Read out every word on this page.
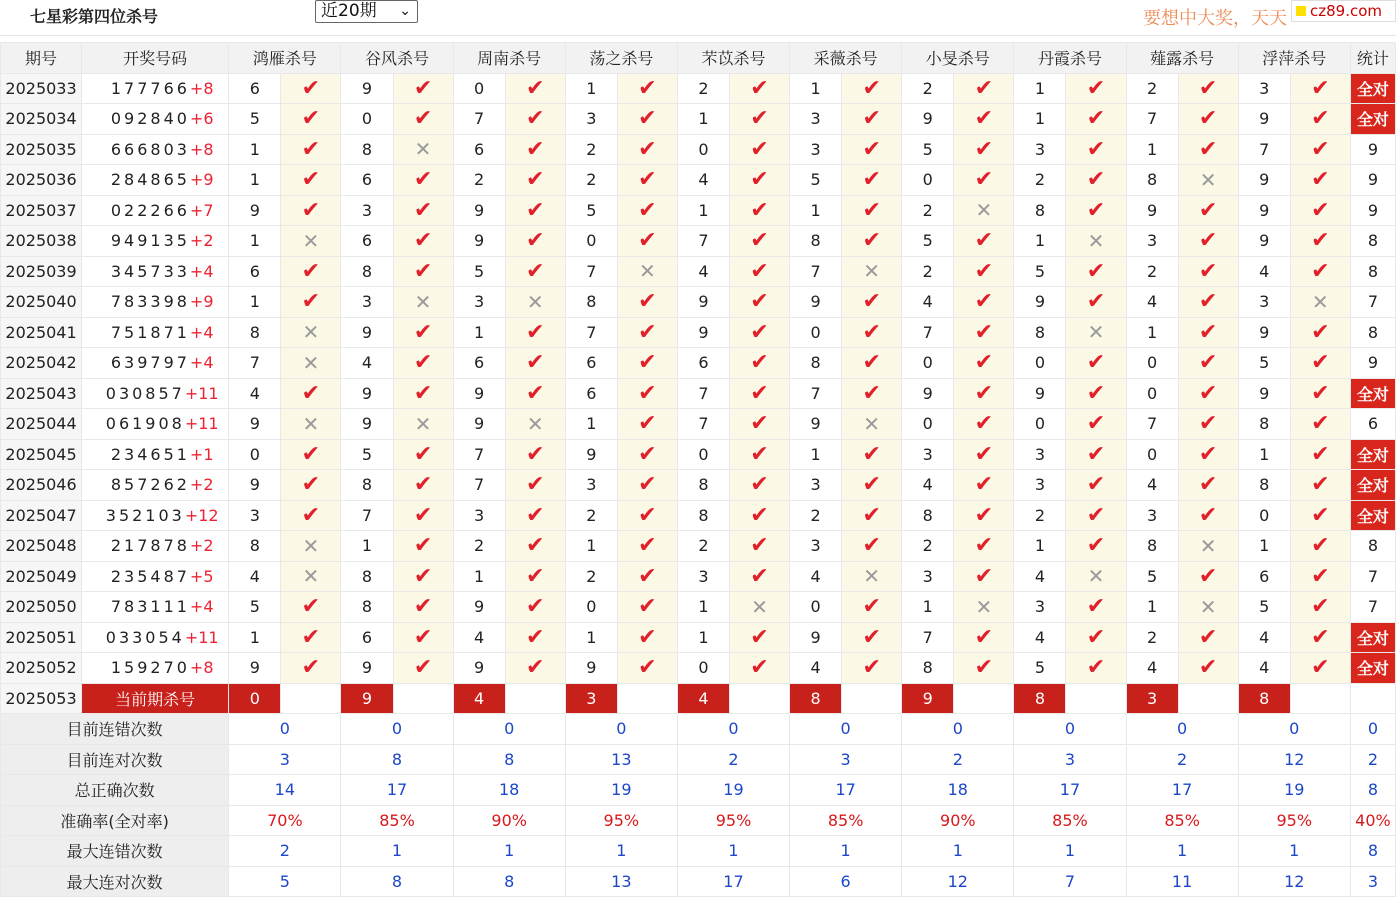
七星彩第四位杀号	近20期 ⌄	要想中大奖，天天	cz89.com
期号	开奖号码	鸿雁杀号		谷风杀号		周南杀号		荡之杀号		芣苡杀号		采薇杀号		小旻杀号		丹霞杀号		薤露杀号		浮萍杀号		统计
2025033	177766+8	6	✔	9	✔	0	✔	1	✔	2	✔	1	✔	2	✔	1	✔	2	✔	3	✔	全对
2025034	092840+6	5	✔	0	✔	7	✔	3	✔	1	✔	3	✔	9	✔	1	✔	7	✔	9	✔	全对
2025035	666803+8	1	✔	8	✕	6	✔	2	✔	0	✔	3	✔	5	✔	3	✔	1	✔	7	✔	9
2025036	284865+9	1	✔	6	✔	2	✔	2	✔	4	✔	5	✔	0	✔	2	✔	8	✕	9	✔	9
2025037	022266+7	9	✔	3	✔	9	✔	5	✔	1	✔	1	✔	2	✕	8	✔	9	✔	9	✔	9
2025038	949135+2	1	✕	6	✔	9	✔	0	✔	7	✔	8	✔	5	✔	1	✕	3	✔	9	✔	8
2025039	345733+4	6	✔	8	✔	5	✔	7	✕	4	✔	7	✕	2	✔	5	✔	2	✔	4	✔	8
2025040	783398+9	1	✔	3	✕	3	✕	8	✔	9	✔	9	✔	4	✔	9	✔	4	✔	3	✕	7
2025041	751871+4	8	✕	9	✔	1	✔	7	✔	9	✔	0	✔	7	✔	8	✕	1	✔	9	✔	8
2025042	639797+4	7	✕	4	✔	6	✔	6	✔	6	✔	8	✔	0	✔	0	✔	0	✔	5	✔	9
2025043	030857+11	4	✔	9	✔	9	✔	6	✔	7	✔	7	✔	9	✔	9	✔	0	✔	9	✔	全对
2025044	061908+11	9	✕	9	✕	9	✕	1	✔	7	✔	9	✕	0	✔	0	✔	7	✔	8	✔	6
2025045	234651+1	0	✔	5	✔	7	✔	9	✔	0	✔	1	✔	3	✔	3	✔	0	✔	1	✔	全对
2025046	857262+2	9	✔	8	✔	7	✔	3	✔	8	✔	3	✔	4	✔	3	✔	4	✔	8	✔	全对
2025047	352103+12	3	✔	7	✔	3	✔	2	✔	8	✔	2	✔	8	✔	2	✔	3	✔	0	✔	全对
2025048	217878+2	8	✕	1	✔	2	✔	1	✔	2	✔	3	✔	2	✔	1	✔	8	✕	1	✔	8
2025049	235487+5	4	✕	8	✔	1	✔	2	✔	3	✔	4	✕	3	✔	4	✕	5	✔	6	✔	7
2025050	783111+4	5	✔	8	✔	9	✔	0	✔	1	✕	0	✔	1	✕	3	✔	1	✕	5	✔	7
2025051	033054+11	1	✔	6	✔	4	✔	1	✔	1	✔	9	✔	7	✔	4	✔	2	✔	4	✔	全对
2025052	159270+8	9	✔	9	✔	9	✔	9	✔	0	✔	4	✔	8	✔	5	✔	4	✔	4	✔	全对
2025053	当前期杀号	0		9		4		3		4		8		9		8		3		8		
目前连错次数		0		0		0		0		0		0		0		0		0		0		0
目前连对次数		3		8		8		13		2		3		2		3		2		12		2
总正确次数		14		17		18		19		19		17		18		17		17		19		8
准确率(全对率)		70%		85%		90%		95%		95%		85%		90%		85%		85%		95%		40%
最大连错次数		2		1		1		1		1		1		1		1		1		1		8
最大连对次数		5		8		8		13		17		6		12		7		11		12		3
